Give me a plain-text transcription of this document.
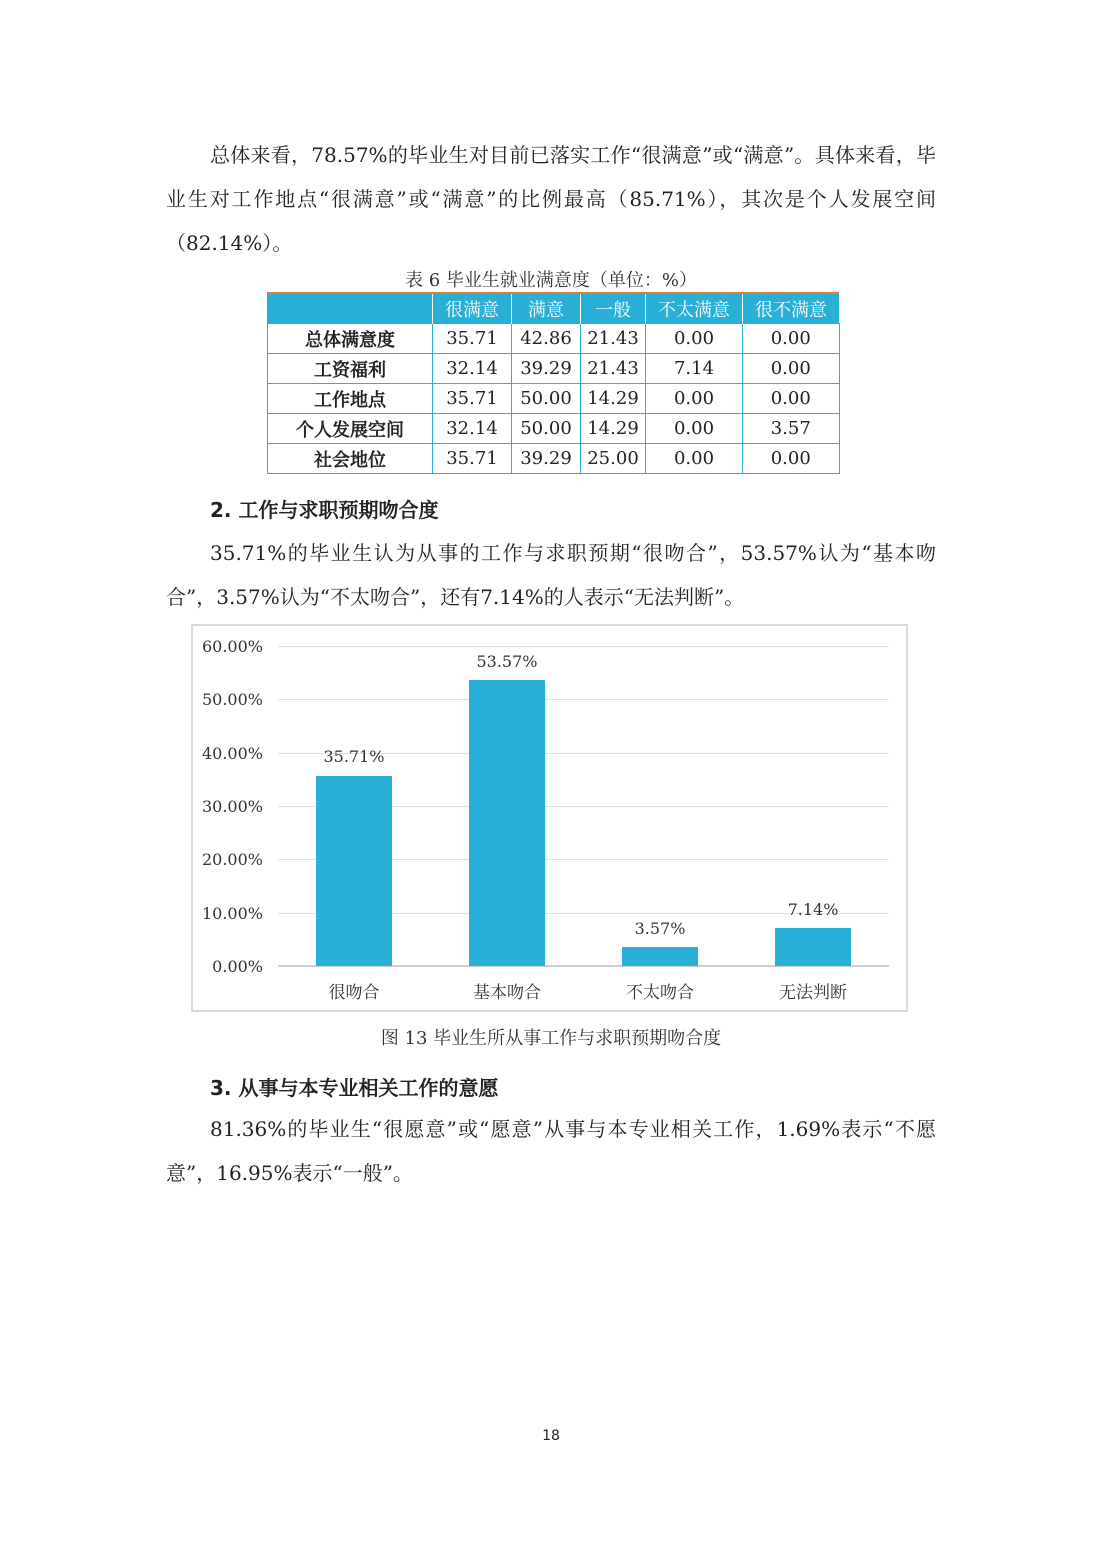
总体来看，78.57%的毕业生对目前已落实工作“很满意”或“满意”。具体来看，毕业生对工作地点“很满意”或“满意”的比例最高（85.71%），其次是个人发展空间（82.14%）。
表 6 毕业生就业满意度（单位：%）
	很满意	满意	一般	不太满意	很不满意
总体满意度	35.71	42.86	21.43	0.00	0.00
工资福利	32.14	39.29	21.43	7.14	0.00
工作地点	35.71	50.00	14.29	0.00	0.00
个人发展空间	32.14	50.00	14.29	0.00	3.57
社会地位	35.71	39.29	25.00	0.00	0.00
2. 工作与求职预期吻合度
35.71%的毕业生认为从事的工作与求职预期“很吻合”，53.57%认为“基本吻合”，3.57%认为“不太吻合”，还有7.14%的人表示“无法判断”。
60.00%
50.00%
40.00%
30.00%
20.00%
10.00%
0.00%
35.71%
53.57%
3.57%
7.14%
很吻合	基本吻合	不太吻合	无法判断
图 13 毕业生所从事工作与求职预期吻合度
3. 从事与本专业相关工作的意愿
81.36%的毕业生“很愿意”或“愿意”从事与本专业相关工作，1.69%表示“不愿意”，16.95%表示“一般”。
18
